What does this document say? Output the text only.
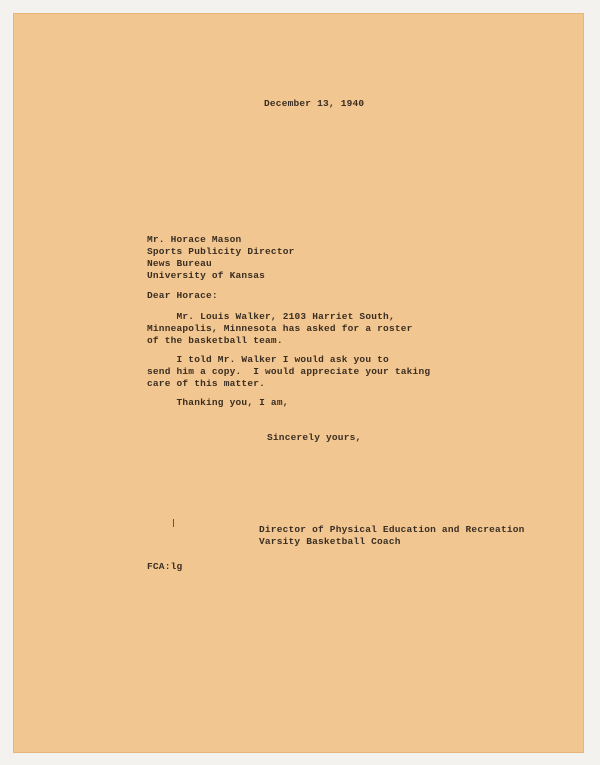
December 13, 1940
Mr. Horace Mason
Sports Publicity Director
News Bureau
University of Kansas
Dear Horace:
Mr. Louis Walker, 2103 Harriet South,
Minneapolis, Minnesota has asked for a roster
of the basketball team.
I told Mr. Walker I would ask you to
send him a copy.  I would appreciate your taking
care of this matter.
Thanking you, I am,
Sincerely yours,
Director of Physical Education and Recreation
Varsity Basketball Coach
FCA:lg
